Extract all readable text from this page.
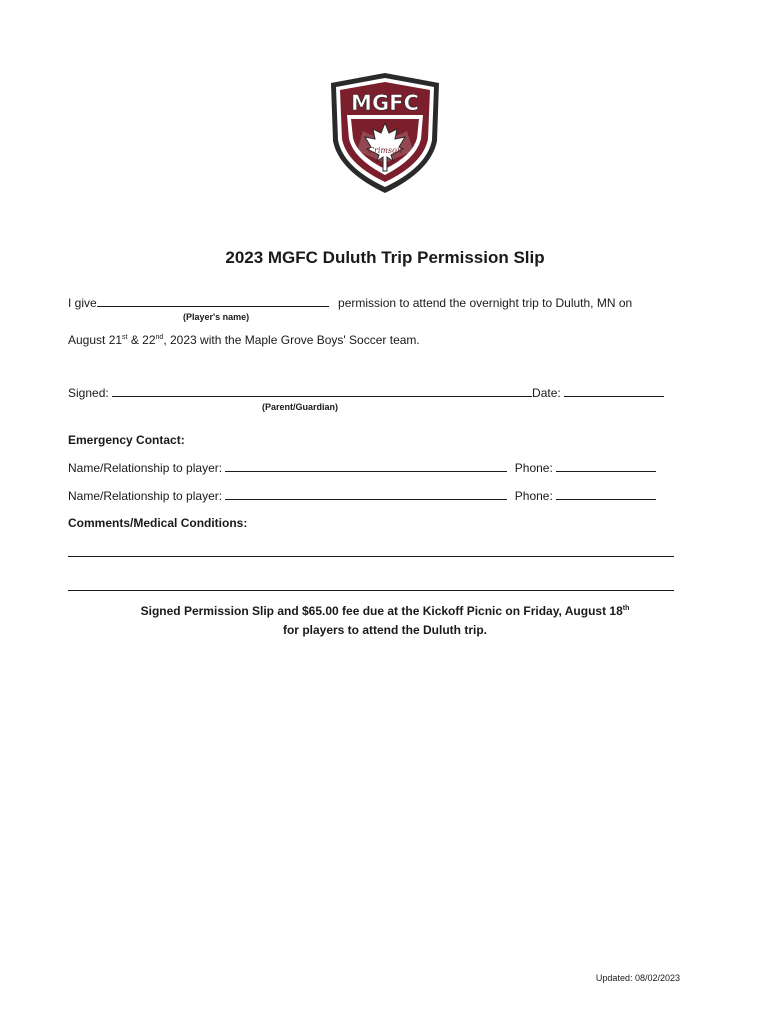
Crimson
MGFC
2023 MGFC Duluth Trip Permission Slip
I give	permission to attend the overnight trip to Duluth, MN on
(Player's name)
August 21st & 22nd, 2023 with the Maple Grove Boys' Soccer team.
Signed:	Date:
(Parent/Guardian)
Emergency Contact:
Name/Relationship to player:	Phone:
Name/Relationship to player:	Phone:
Comments/Medical Conditions:
Signed Permission Slip and $65.00 fee due at the Kickoff Picnic on Friday, August 18th
for players to attend the Duluth trip.
Updated: 08/02/2023
